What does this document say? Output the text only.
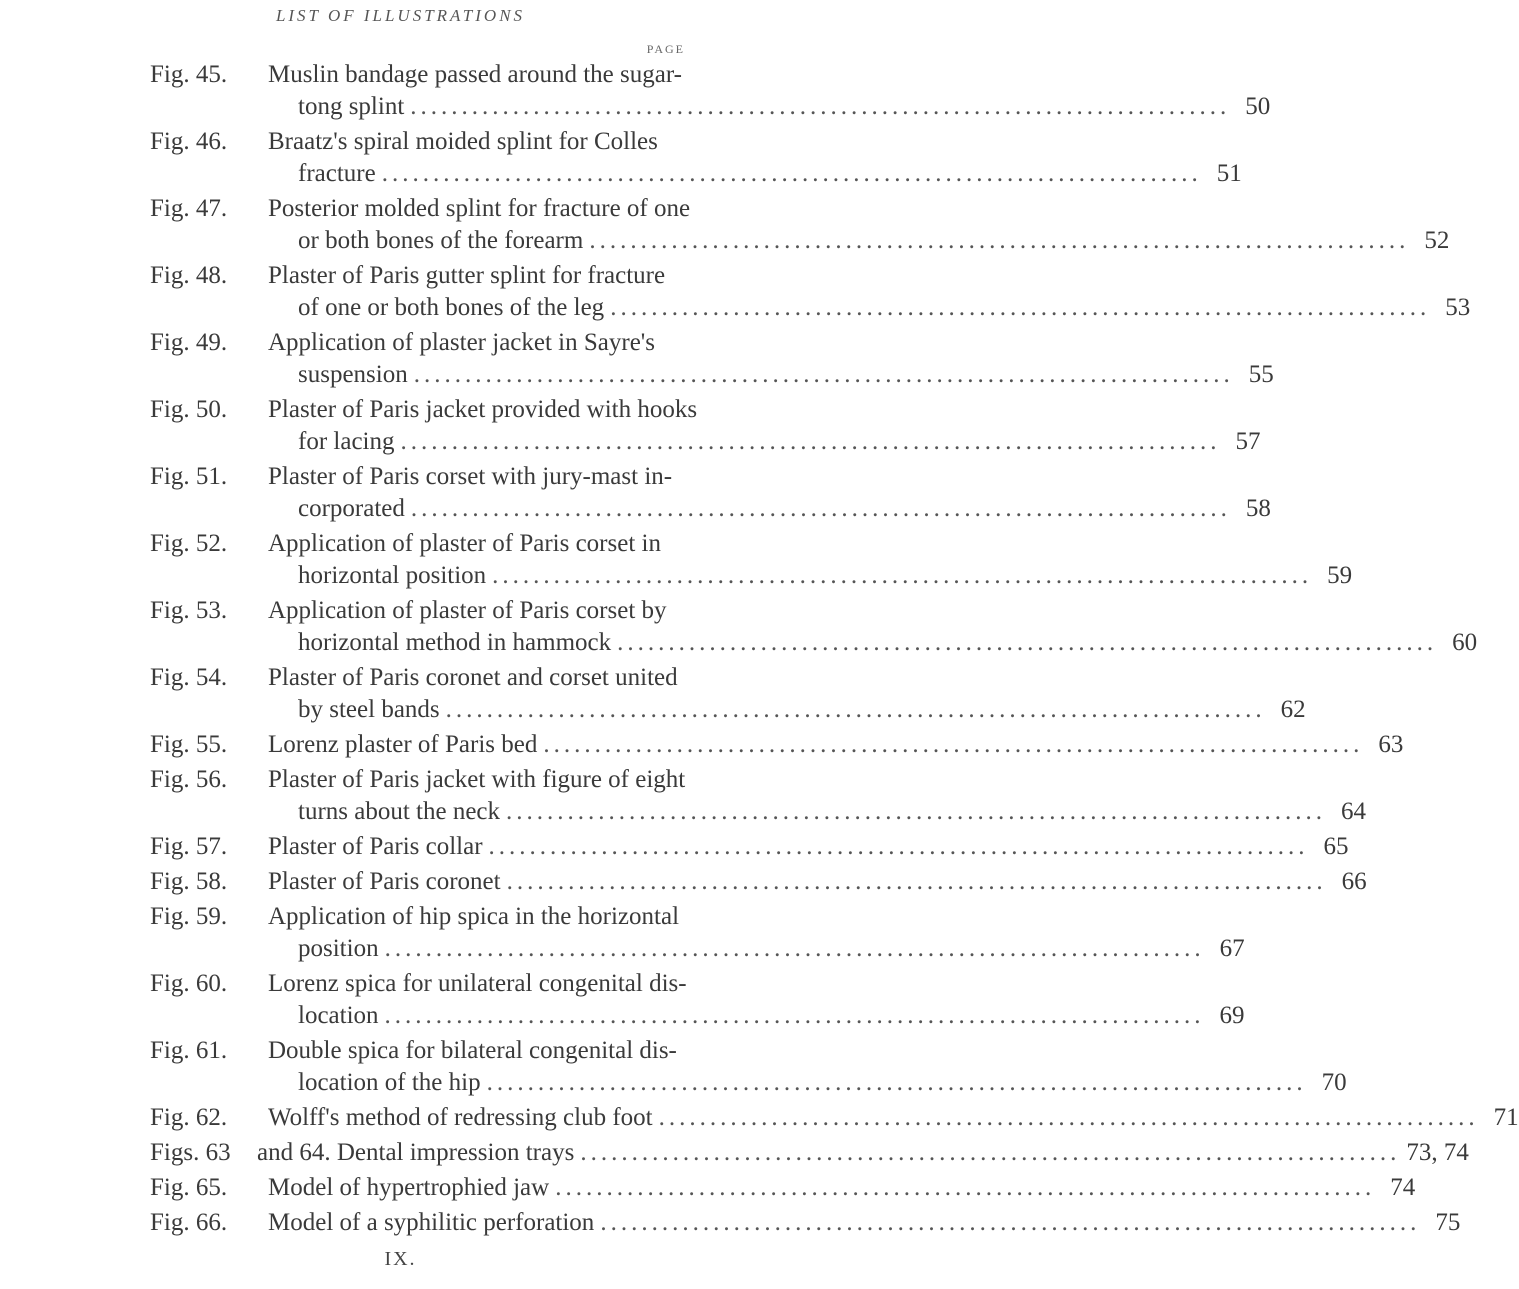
LIST OF ILLUSTRATIONS
PAGE
Fig. 45. Muslin bandage passed around the sugar-
tong splint ................................................................................ 50
Fig. 46. Braatz's spiral moided splint for Colles
fracture ................................................................................ 51
Fig. 47. Posterior molded splint for fracture of one
or both bones of the forearm ................................................................................ 52
Fig. 48. Plaster of Paris gutter splint for fracture
of one or both bones of the leg ................................................................................ 53
Fig. 49. Application of plaster jacket in Sayre's
suspension ................................................................................ 55
Fig. 50. Plaster of Paris jacket provided with hooks
for lacing ................................................................................ 57
Fig. 51. Plaster of Paris corset with jury-mast in-
corporated ................................................................................ 58
Fig. 52. Application of plaster of Paris corset in
horizontal position ................................................................................ 59
Fig. 53. Application of plaster of Paris corset by
horizontal method in hammock ................................................................................ 60
Fig. 54. Plaster of Paris coronet and corset united
by steel bands ................................................................................ 62
Fig. 55. Lorenz plaster of Paris bed ................................................................................ 63
Fig. 56. Plaster of Paris jacket with figure of eight
turns about the neck ................................................................................ 64
Fig. 57. Plaster of Paris collar ................................................................................ 65
Fig. 58. Plaster of Paris coronet ................................................................................ 66
Fig. 59. Application of hip spica in the horizontal
position ................................................................................ 67
Fig. 60. Lorenz spica for unilateral congenital dis-
location ................................................................................ 69
Fig. 61. Double spica for bilateral congenital dis-
location of the hip ................................................................................ 70
Fig. 62. Wolff's method of redressing club foot ................................................................................ 71
Figs. 63 and 64. Dental impression trays ................................................................................ 73, 74
Fig. 65. Model of hypertrophied jaw ................................................................................ 74
Fig. 66. Model of a syphilitic perforation ................................................................................ 75
IX.
